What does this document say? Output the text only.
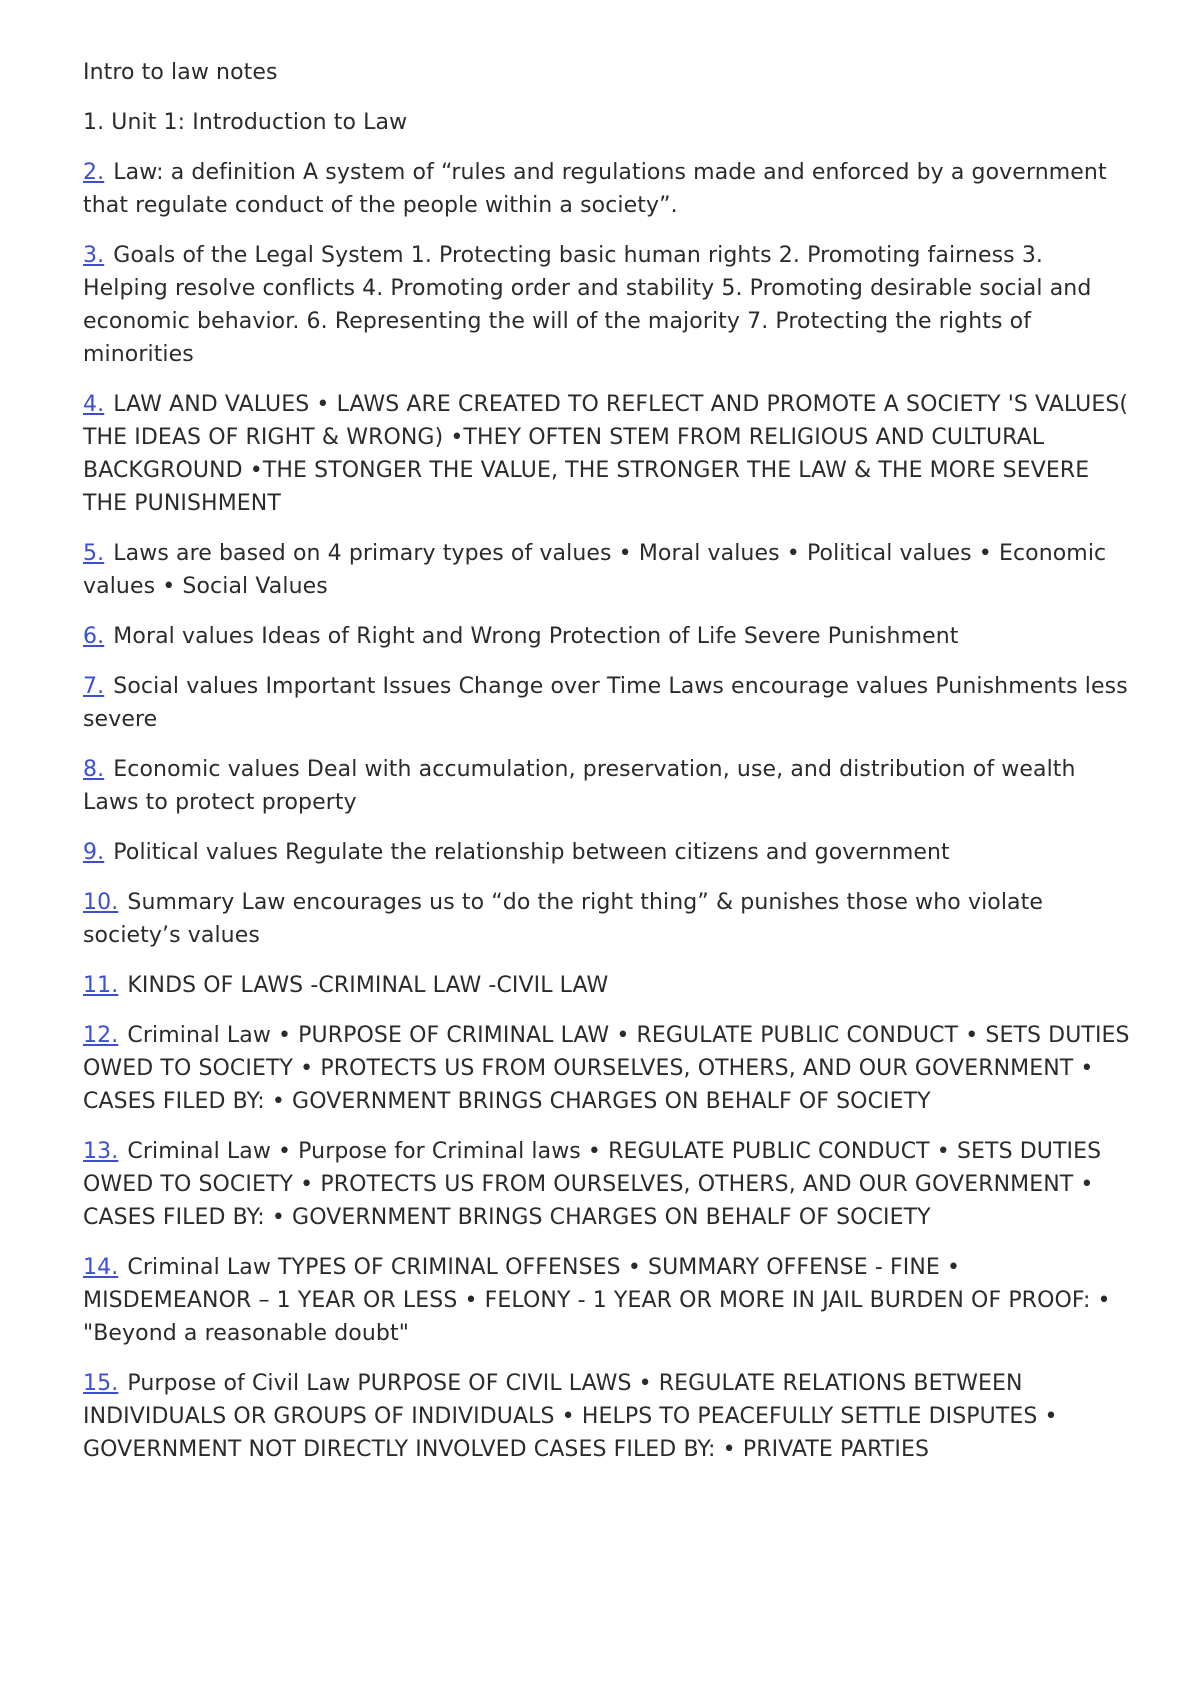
Intro to law notes

1. Unit 1: Introduction to Law

2. Law: a definition A system of “rules and regulations made and enforced by a government that regulate conduct of the people within a society”.

3. Goals of the Legal System 1. Protecting basic human rights 2. Promoting fairness 3. Helping resolve conflicts 4. Promoting order and stability 5. Promoting desirable social and economic behavior. 6. Representing the will of the majority 7. Protecting the rights of minorities

4. LAW AND VALUES • LAWS ARE CREATED TO REFLECT AND PROMOTE A SOCIETY 'S VALUES( THE IDEAS OF RIGHT & WRONG) •THEY OFTEN STEM FROM RELIGIOUS AND CULTURAL BACKGROUND •THE STONGER THE VALUE, THE STRONGER THE LAW & THE MORE SEVERE THE PUNISHMENT

5. Laws are based on 4 primary types of values • Moral values • Political values • Economic values • Social Values

6. Moral values Ideas of Right and Wrong Protection of Life Severe Punishment

7. Social values Important Issues Change over Time Laws encourage values Punishments less severe

8. Economic values Deal with accumulation, preservation, use, and distribution of wealth Laws to protect property

9. Political values Regulate the relationship between citizens and government

10. Summary Law encourages us to “do the right thing” & punishes those who violate society’s values

11. KINDS OF LAWS -CRIMINAL LAW -CIVIL LAW

12. Criminal Law • PURPOSE OF CRIMINAL LAW • REGULATE PUBLIC CONDUCT • SETS DUTIES OWED TO SOCIETY • PROTECTS US FROM OURSELVES, OTHERS, AND OUR GOVERNMENT • CASES FILED BY: • GOVERNMENT BRINGS CHARGES ON BEHALF OF SOCIETY

13. Criminal Law • Purpose for Criminal laws • REGULATE PUBLIC CONDUCT • SETS DUTIES OWED TO SOCIETY • PROTECTS US FROM OURSELVES, OTHERS, AND OUR GOVERNMENT • CASES FILED BY: • GOVERNMENT BRINGS CHARGES ON BEHALF OF SOCIETY

14. Criminal Law TYPES OF CRIMINAL OFFENSES • SUMMARY OFFENSE - FINE • MISDEMEANOR – 1 YEAR OR LESS • FELONY - 1 YEAR OR MORE IN JAIL BURDEN OF PROOF: • "Beyond a reasonable doubt"

15. Purpose of Civil Law PURPOSE OF CIVIL LAWS • REGULATE RELATIONS BETWEEN INDIVIDUALS OR GROUPS OF INDIVIDUALS • HELPS TO PEACEFULLY SETTLE DISPUTES • GOVERNMENT NOT DIRECTLY INVOLVED CASES FILED BY: • PRIVATE PARTIES
